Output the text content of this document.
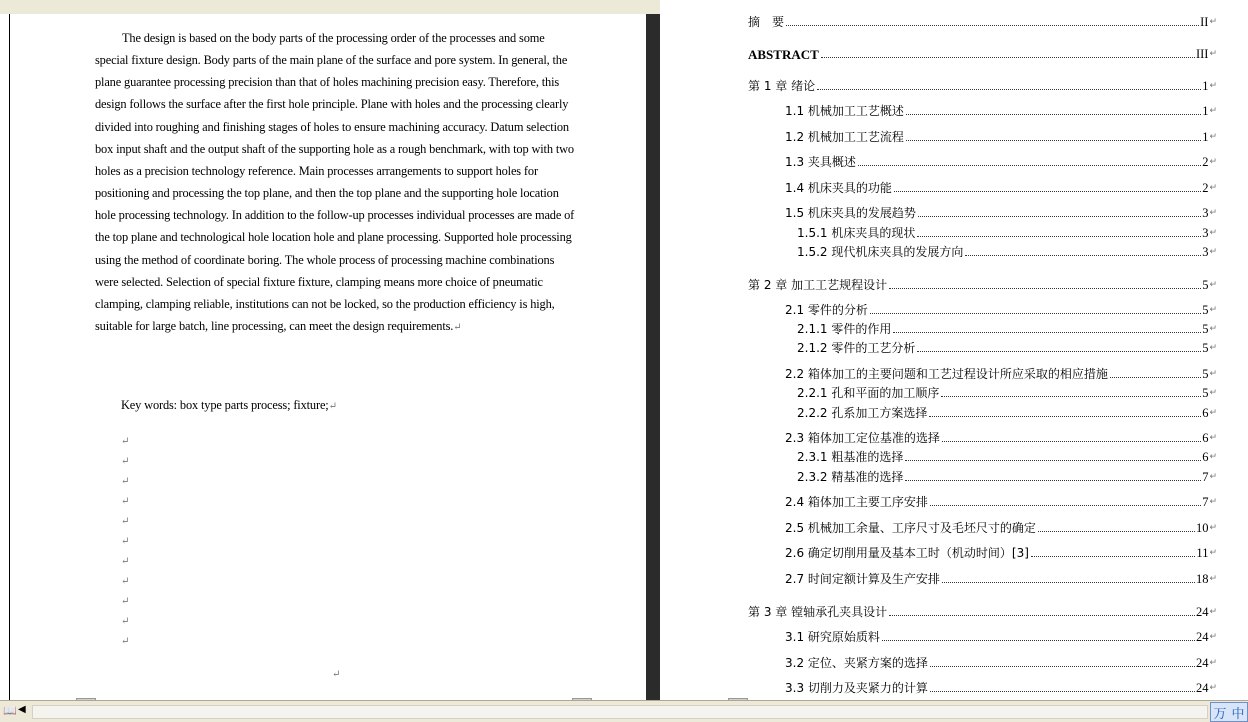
The design is based on the body parts of the processing order of the processes and some special fixture design. Body parts of the main plane of the surface and pore system. In general, the plane guarantee processing precision than that of holes machining precision easy. Therefore, this design follows the surface after the first hole principle. Plane with holes and the processing clearly divided into roughing and finishing stages of holes to ensure machining accuracy. Datum selection box input shaft and the output shaft of the supporting hole as a rough benchmark, with top with two holes as a precision technology reference. Main processes arrangements to support holes for positioning and processing the top plane, and then the top plane and the supporting hole location hole processing technology. In addition to the follow-up processes individual processes are made of the top plane and technological hole location hole and plane processing. Supported hole processing using the method of coordinate boring. The whole process of processing machine combinations were selected. Selection of special fixture fixture, clamping means more choice of pneumatic clamping, clamping reliable, institutions can not be locked, so the production efficiency is high, suitable for large batch, line processing, can meet the design requirements.↵
Key words: box type parts process; fixture;↵
↵
↵
↵
↵
↵
↵
↵
↵
↵
↵
↵
↵
摘　要	II ↵
ABSTRACT	III ↵
第 1 章 绪论	1 ↵
1.1 机械加工工艺概述	1 ↵
1.2 机械加工工艺流程	1 ↵
1.3 夹具概述	2 ↵
1.4 机床夹具的功能	2 ↵
1.5 机床夹具的发展趋势	3 ↵
1.5.1 机床夹具的现状	3 ↵
1.5.2 现代机床夹具的发展方向	3 ↵
第 2 章 加工工艺规程设计	5 ↵
2.1 零件的分析	5 ↵
2.1.1 零件的作用	5 ↵
2.1.2 零件的工艺分析	5 ↵
2.2 箱体加工的主要问题和工艺过程设计所应采取的相应措施	5 ↵
2.2.1 孔和平面的加工顺序	5 ↵
2.2.2 孔系加工方案选择	6 ↵
2.3 箱体加工定位基准的选择	6 ↵
2.3.1 粗基准的选择	6 ↵
2.3.2 精基准的选择	7 ↵
2.4 箱体加工主要工序安排	7 ↵
2.5 机械加工余量、工序尺寸及毛坯尺寸的确定	10 ↵
2.6 确定切削用量及基本工时（机动时间）[3]	11 ↵
2.7 时间定额计算及生产安排	18 ↵
第 3 章 镗轴承孔夹具设计	24 ↵
3.1 研究原始质料	24 ↵
3.2 定位、夹紧方案的选择	24 ↵
3.3 切削力及夹紧力的计算	24 ↵
📖 ◀	万 中
